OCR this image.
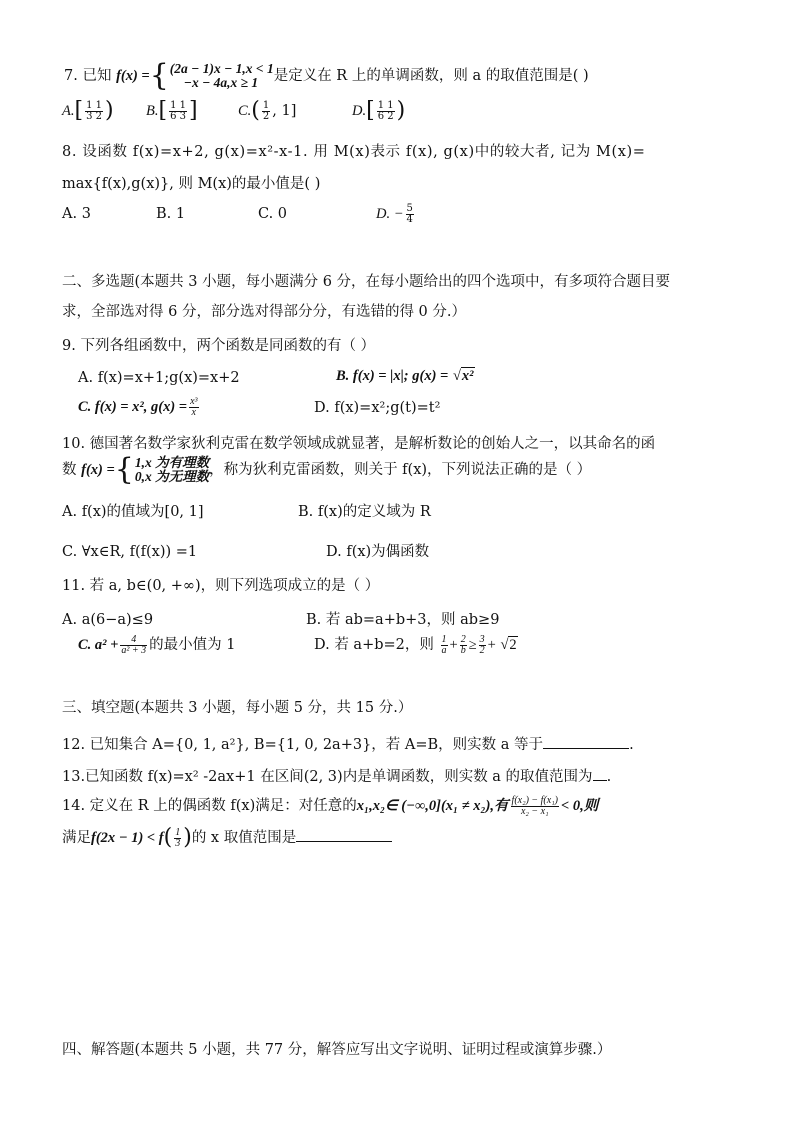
7. 已知 f(x) ={ (2a − 1)x − 1,x < 1
−x − 4a,x ≥ 1	是定义在 R 上的单调函数，则 a 的取值范围是( )
$A.[ \frac{1 1}{3 2}$ ) $B.[ \frac{1 1}{6 3}$ ]	$C.( \frac{1}{2}$ , 1]	$D.[ \frac{1 1}{6 2}$ )
8. 设函数 f(x)=x+2, g(x)=x²-x-1. 用 M(x)表示 f(x), g(x)中的较大者, 记为 M(x)=
max{f(x),g(x)}, 则 M(x)的最小值是( )
A. 3	B. 1	C. 0	D. − $\frac{5}{4}$
二、多选题(本题共 3 小题，每小题满分 6 分，在每小题给出的四个选项中，有多项符合题目要
求，全部选对得 6 分，部分选对得部分分，有选错的得 0 分.）
9. 下列各组函数中，两个函数是同函数的有（ ）
A. f(x)=x+1;g(x)=x+2	B. f(x) = |x|; g(x) = √x²
C. f(x) = x², $g(x) = \frac{\text{x³}}{x}$	D. f(x)=x²;g(t)=t²
10. 德国著名数学家狄利克雷在数学领域成就显著，是解析数论的创始人之一，以其命名的函
数 f(x) ={ 1,x 为有理数
0,x 为无理数 ，称为狄利克雷函数，则关于 f(x)，下列说法正确的是（ ）
A. f(x)的值域为[0, 1]	B. f(x)的定义域为 R
C. ∀x∈R, f(f(x)) =1	D. f(x)为偶函数
11. 若 a, b∈(0, +∞)，则下列选项成立的是（ ）
A. a(6−a)≤9	B. 若 ab=a+b+3，则 ab≥9
C. $a^2 + \frac{4}{\text{a² + 3}}$ 的最小值为 1	D. 若 a+b=2，则 $\frac{1}{a} + \frac{2}{b} \ge \frac{3}{2} + √2$
三、填空题(本题共 3 小题，每小题 5 分，共 15 分.）
12. 已知集合 A={0, 1, a²}, B={1, 0, 2a+3}，若 A=B，则实数 a 等于	.
13.已知函数 f(x)=x² -2ax+1 在区间(2, 3)内是单调函数，则实数 a 的取值范围为 .
14. 定义在 R 上的偶函数 f(x)满足：对任意的x₁,x₂∈ (−∞,0](x₁ ≠ x₂),有 $\frac{\text{f(x₂) − f(x₁)}}{\text{x₂ − x₁}} < 0$,则
满足$f(2x - 1) < f( \frac{1}{3}$ )的 x 取值范围是
四、解答题(本题共 5 小题，共 77 分，解答应写出文字说明、证明过程或演算步骤.）
